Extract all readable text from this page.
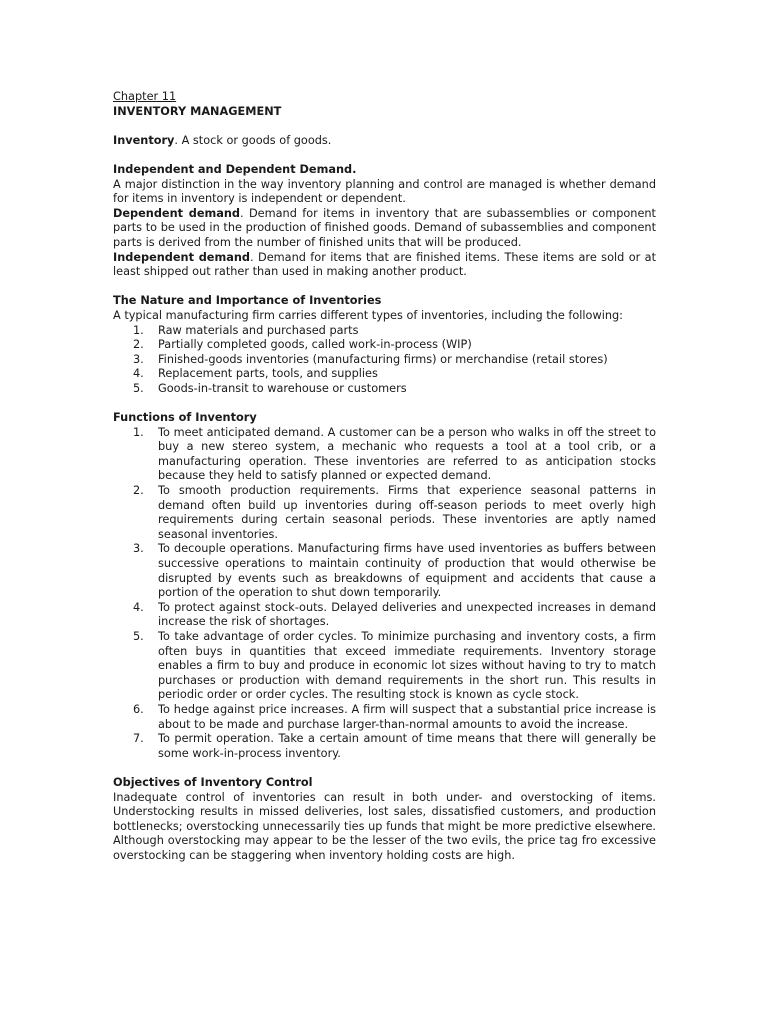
Chapter 11

INVENTORY MANAGEMENT

Inventory. A stock or goods of goods.

Independent and Dependent Demand.

A major distinction in the way inventory planning and control are managed is whether demand for items in inventory is independent or dependent.

Dependent demand. Demand for items in inventory that are subassemblies or component parts to be used in the production of finished goods. Demand of subassemblies and component parts is derived from the number of finished units that will be produced.

Independent demand. Demand for items that are finished items. These items are sold or at least shipped out rather than used in making another product.

The Nature and Importance of Inventories

A typical manufacturing firm carries different types of inventories, including the following:

1. Raw materials and purchased parts
2. Partially completed goods, called work-in-process (WIP)
3. Finished-goods inventories (manufacturing firms) or merchandise (retail stores)
4. Replacement parts, tools, and supplies
5. Goods-in-transit to warehouse or customers

Functions of Inventory

1. To meet anticipated demand. A customer can be a person who walks in off the street to buy a new stereo system, a mechanic who requests a tool at a tool crib, or a manufacturing operation. These inventories are referred to as anticipation stocks because they held to satisfy planned or expected demand.
2. To smooth production requirements. Firms that experience seasonal patterns in demand often build up inventories during off-season periods to meet overly high requirements during certain seasonal periods. These inventories are aptly named seasonal inventories.
3. To decouple operations. Manufacturing firms have used inventories as buffers between successive operations to maintain continuity of production that would otherwise be disrupted by events such as breakdowns of equipment and accidents that cause a portion of the operation to shut down temporarily.
4. To protect against stock-outs. Delayed deliveries and unexpected increases in demand increase the risk of shortages.
5. To take advantage of order cycles. To minimize purchasing and inventory costs, a firm often buys in quantities that exceed immediate requirements. Inventory storage enables a firm to buy and produce in economic lot sizes without having to try to match purchases or production with demand requirements in the short run. This results in periodic order or order cycles. The resulting stock is known as cycle stock.
6. To hedge against price increases. A firm will suspect that a substantial price increase is about to be made and purchase larger-than-normal amounts to avoid the increase.
7. To permit operation. Take a certain amount of time means that there will generally be some work-in-process inventory.

Objectives of Inventory Control

Inadequate control of inventories can result in both under- and overstocking of items. Understocking results in missed deliveries, lost sales, dissatisfied customers, and production bottlenecks; overstocking unnecessarily ties up funds that might be more predictive elsewhere. Although overstocking may appear to be the lesser of the two evils, the price tag fro excessive overstocking can be staggering when inventory holding costs are high.
